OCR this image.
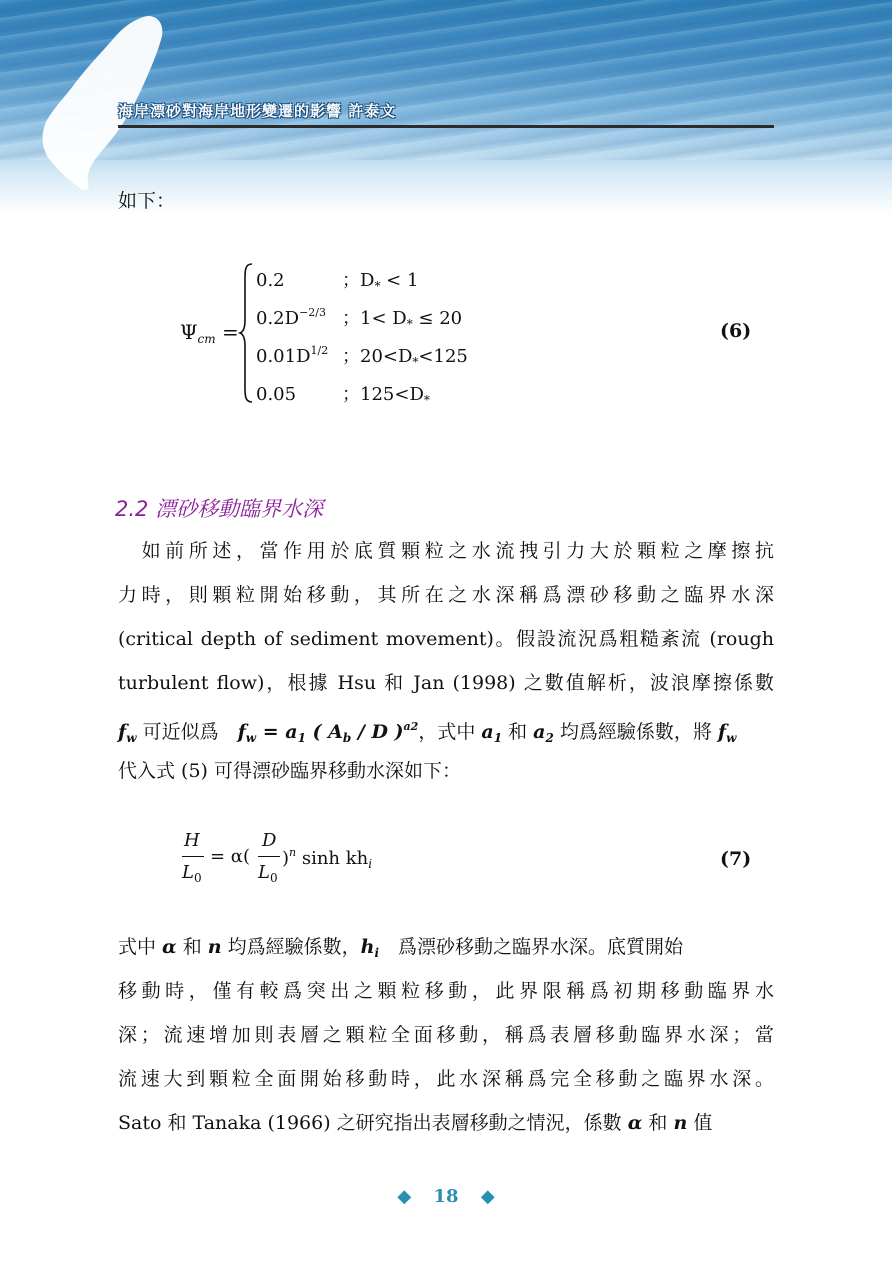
海岸漂砂對海岸地形變遷的影響 許泰文
如下：
$\Psi_{cm}$ =
0.2	；$D_* < 1$
$0.2D^{-2/3}$ ；$1< D_* \le 20$
$0.01D^{1/2}$ ；$20<D_*<125$
0.05	；$125<D_*$
(6)
2.2 漂砂移動臨界水深
　如前所述，當作用於底質顆粒之水流拽引力大於顆粒之摩擦抗
力時，則顆粒開始移動，其所在之水深稱爲漂砂移動之臨界水深
(critical depth of sediment movement)。假設流況爲粗糙紊流 (rough
turbulent flow)，根據 Hsu 和 Jan (1998) 之數值解析，波浪摩擦係數
$f_w$ 可近似爲　$f_w = a_1$ ( $A_b$ / D )$^{a2}$，式中 $a_1$ 和 $a_2$ 均爲經驗係數，將 $f_w$
代入式 (5) 可得漂砂臨界移動水深如下：
H
$L_0$
= α(
D
$L_0$
)$^n$ $\sinh kh_i$	(7)
式中 α 和 n 均爲經驗係數，$h_i$　爲漂砂移動之臨界水深。底質開始
移動時，僅有較爲突出之顆粒移動，此界限稱爲初期移動臨界水
深；流速增加則表層之顆粒全面移動，稱爲表層移動臨界水深；當
流速大到顆粒全面開始移動時，此水深稱爲完全移動之臨界水深。
Sato 和 Tanaka (1966) 之研究指出表層移動之情況，係數 α 和 n 值
◆ 18 ◆
